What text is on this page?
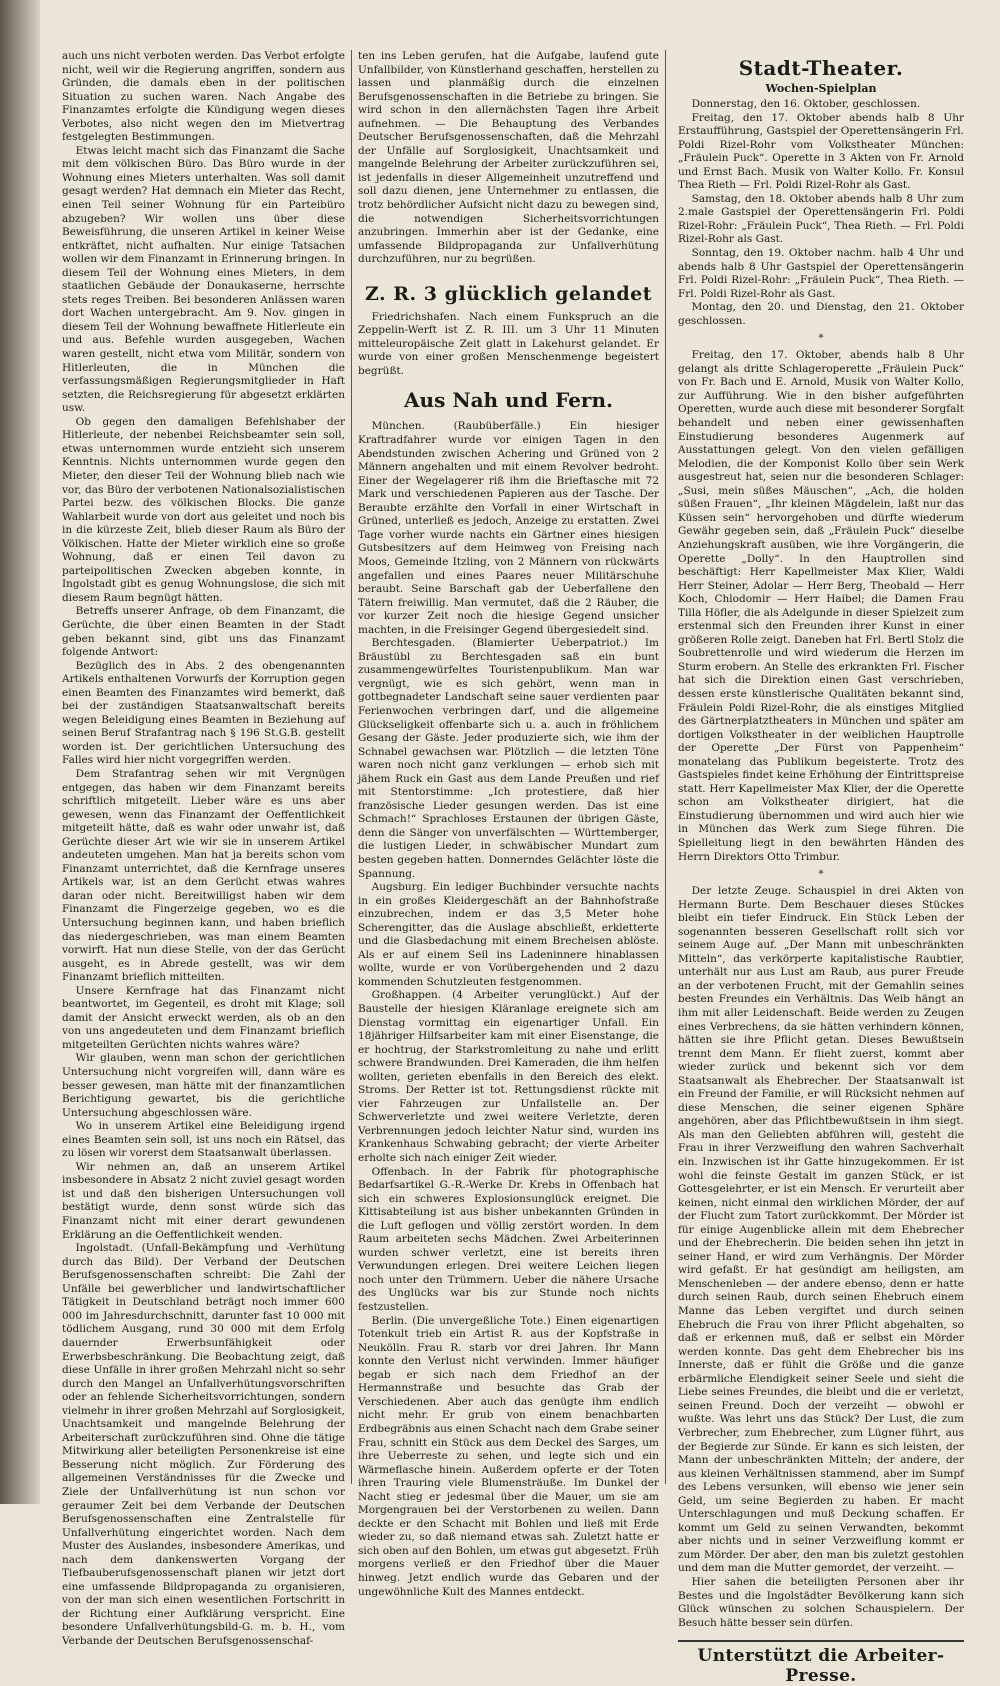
auch uns nicht verboten werden. Das Verbot erfolgte nicht, weil wir die Regierung angriffen, sondern aus Gründen, die damals eben in der politischen Situation zu suchen waren. Nach Angabe des Finanzamtes erfolgte die Kündigung wegen dieses Verbotes, also nicht wegen den im Mietvertrag festgelegten Bestimmungen.

Etwas leicht macht sich das Finanzamt die Sache mit dem völkischen Büro. Das Büro wurde in der Wohnung eines Mieters unterhalten. Was soll damit gesagt werden? Hat demnach ein Mieter das Recht, einen Teil seiner Wohnung für ein Parteibüro abzugeben? Wir wollen uns über diese Beweisführung, die unseren Artikel in keiner Weise entkräftet, nicht aufhalten. Nur einige Tatsachen wollen wir dem Finanzamt in Erinnerung bringen. In diesem Teil der Wohnung eines Mieters, in dem staatlichen Gebäude der Donaukaserne, herrschte stets reges Treiben. Bei besonderen Anlässen waren dort Wachen untergebracht. Am 9. Nov. gingen in diesem Teil der Wohnung bewaffnete Hitlerleute ein und aus. Befehle wurden ausgegeben, Wachen waren gestellt, nicht etwa vom Militär, sondern von Hitlerleuten, die in München die verfassungsmäßigen Regierungsmitglieder in Haft setzten, die Reichsregierung für abgesetzt erklärten usw.

Ob gegen den damaligen Befehlshaber der Hitlerleute, der nebenbei Reichsbeamter sein soll, etwas unternommen wurde entzieht sich unserem Kenntnis. Nichts unternommen wurde gegen den Mieter, den dieser Teil der Wohnung blieb nach wie vor, das Büro der verbotenen Nationalsozialistischen Partei bezw. des völkischen Blocks. Die ganze Wahlarbeit wurde von dort aus geleitet und noch bis in die kürzeste Zeit, blieb dieser Raum als Büro der Völkischen. Hatte der Mieter wirklich eine so große Wohnung, daß er einen Teil davon zu parteipolitischen Zwecken abgeben konnte, in Ingolstadt gibt es genug Wohnungslose, die sich mit diesem Raum begnügt hätten.

Betreffs unserer Anfrage, ob dem Finanzamt, die Gerüchte, die über einen Beamten in der Stadt geben bekannt sind, gibt uns das Finanzamt folgende Antwort:

Bezüglich des in Abs. 2 des obengenannten Artikels enthaltenen Vorwurfs der Korruption gegen einen Beamten des Finanzamtes wird bemerkt, daß bei der zuständigen Staatsanwaltschaft bereits wegen Beleidigung eines Beamten in Beziehung auf seinen Beruf Strafantrag nach § 196 St.G.B. gestellt worden ist. Der gerichtlichen Untersuchung des Falles wird hier nicht vorgegriffen werden.

Dem Strafantrag sehen wir mit Vergnügen entgegen, das haben wir dem Finanzamt bereits schriftlich mitgeteilt. Lieber wäre es uns aber gewesen, wenn das Finanzamt der Oeffentlichkeit mitgeteilt hätte, daß es wahr oder unwahr ist, daß Gerüchte dieser Art wie wir sie in unserem Artikel andeuteten umgehen. Man hat ja bereits schon vom Finanzamt unterrichtet, daß die Kernfrage unseres Artikels war, ist an dem Gerücht etwas wahres daran oder nicht. Bereitwilligst haben wir dem Finanzamt die Fingerzeige gegeben, wo es die Untersuchung beginnen kann, und haben brieflich das niedergeschrieben, was man einem Beamten vorwirft. Hat nun diese Stelle, von der das Gerücht ausgeht, es in Abrede gestellt, was wir dem Finanzamt brieflich mitteilten.

Unsere Kernfrage hat das Finanzamt nicht beantwortet, im Gegenteil, es droht mit Klage; soll damit der Ansicht erweckt werden, als ob an den von uns angedeuteten und dem Finanzamt brieflich mitgeteilten Gerüchten nichts wahres wäre?

Wir glauben, wenn man schon der gerichtlichen Untersuchung nicht vorgreifen will, dann wäre es besser gewesen, man hätte mit der finanzamtlichen Berichtigung gewartet, bis die gerichtliche Untersuchung abgeschlossen wäre.

Wo in unserem Artikel eine Beleidigung irgend eines Beamten sein soll, ist uns noch ein Rätsel, das zu lösen wir vorerst dem Staatsanwalt überlassen.

Wir nehmen an, daß an unserem Artikel insbesondere in Absatz 2 nicht zuviel gesagt worden ist und daß den bisherigen Untersuchungen voll bestätigt wurde, denn sonst würde sich das Finanzamt nicht mit einer derart gewundenen Erklärung an die Oeffentlichkeit wenden.

Ingolstadt. (Unfall-Bekämpfung und -Verhütung durch das Bild). Der Verband der Deutschen Berufsgenossenschaften schreibt: Die Zahl der Unfälle bei gewerblicher und landwirtschaftlicher Tätigkeit in Deutschland beträgt noch immer 600 000 im Jahresdurchschnitt, darunter fast 10 000 mit tödlichem Ausgang, rund 30 000 mit dem Erfolg dauernder Erwerbsunfähigkeit oder Erwerbsbeschränkung. Die Beobachtung zeigt, daß diese Unfälle in ihrer großen Mehrzahl nicht so sehr durch den Mangel an Unfallverhütungsvorschriften oder an fehlende Sicherheitsvorrichtungen, sondern vielmehr in ihrer großen Mehrzahl auf Sorglosigkeit, Unachtsamkeit und mangelnde Belehrung der Arbeiterschaft zurückzuführen sind. Ohne die tätige Mitwirkung aller beteiligten Personenkreise ist eine Besserung nicht möglich. Zur Förderung des allgemeinen Verständnisses für die Zwecke und Ziele der Unfallverhütung ist nun schon vor geraumer Zeit bei dem Verbande der Deutschen Berufsgenossenschaften eine Zentralstelle für Unfallverhütung eingerichtet worden. Nach dem Muster des Auslandes, insbesondere Amerikas, und nach dem dankenswerten Vorgang der Tiefbauberufsgenossenschaft planen wir jetzt dort eine umfassende Bildpropaganda zu organisieren, von der man sich einen wesentlichen Fortschritt in der Richtung einer Aufklärung verspricht. Eine besondere Unfallverhütungsbild-G. m. b. H., vom Verbande der Deutschen Berufsgenossenschaf-

ten ins Leben gerufen, hat die Aufgabe, laufend gute Unfallbilder, von Künstlerhand geschaffen, herstellen zu lassen und planmäßig durch die einzelnen Berufsgenossenschaften in die Betriebe zu bringen. Sie wird schon in den allernächsten Tagen ihre Arbeit aufnehmen. — Die Behauptung des Verbandes Deutscher Berufsgenossenschaften, daß die Mehrzahl der Unfälle auf Sorglosigkeit, Unachtsamkeit und mangelnde Belehrung der Arbeiter zurückzuführen sei, ist jedenfalls in dieser Allgemeinheit unzutreffend und soll dazu dienen, jene Unternehmer zu entlassen, die trotz behördlicher Aufsicht nicht dazu zu bewegen sind, die notwendigen Sicherheitsvorrichtungen anzubringen. Immerhin aber ist der Gedanke, eine umfassende Bildpropaganda zur Unfallverhütung durchzuführen, nur zu begrüßen.

Z. R. 3 glücklich gelandet

Friedrichshafen. Nach einem Funkspruch an die Zeppelin-Werft ist Z. R. III. um 3 Uhr 11 Minuten mitteleuropäische Zeit glatt in Lakehurst gelandet. Er wurde von einer großen Menschenmenge begeistert begrüßt.

Aus Nah und Fern.

München. (Raubüberfälle.) Ein hiesiger Kraftradfahrer wurde vor einigen Tagen in den Abendstunden zwischen Achering und Grüned von 2 Männern angehalten und mit einem Revolver bedroht. Einer der Wegelagerer riß ihm die Brieftasche mit 72 Mark und verschiedenen Papieren aus der Tasche. Der Beraubte erzählte den Vorfall in einer Wirtschaft in Grüned, unterließ es jedoch, Anzeige zu erstatten. Zwei Tage vorher wurde nachts ein Gärtner eines hiesigen Gutsbesitzers auf dem Heimweg von Freising nach Moos, Gemeinde Itzling, von 2 Männern von rückwärts angefallen und eines Paares neuer Militärschuhe beraubt. Seine Barschaft gab der Ueberfallene den Tätern freiwillig. Man vermutet, daß die 2 Räuber, die vor kurzer Zeit noch die hiesige Gegend unsicher machten, in die Freisinger Gegend übergesiedelt sind.

Berchtesgaden. (Blamierter Ueberpatriot.) Im Bräustübl zu Berchtesgaden saß ein bunt zusammengewürfeltes Touristenpublikum. Man war vergnügt, wie es sich gehört, wenn man in gottbegnadeter Landschaft seine sauer verdienten paar Ferienwochen verbringen darf, und die allgemeine Glückseligkeit offenbarte sich u. a. auch in fröhlichem Gesang der Gäste. Jeder produzierte sich, wie ihm der Schnabel gewachsen war. Plötzlich — die letzten Töne waren noch nicht ganz verklungen — erhob sich mit jähem Ruck ein Gast aus dem Lande Preußen und rief mit Stentorstimme: „Ich protestiere, daß hier französische Lieder gesungen werden. Das ist eine Schmach!“ Sprachloses Erstaunen der übrigen Gäste, denn die Sänger von unverfälschten — Württemberger, die lustigen Lieder, in schwäbischer Mundart zum besten gegeben hatten. Donnerndes Gelächter löste die Spannung.

Augsburg. Ein lediger Buchbinder versuchte nachts in ein großes Kleidergeschäft an der Bahnhofstraße einzubrechen, indem er das 3,5 Meter hohe Scherengitter, das die Auslage abschließt, erkletterte und die Glasbedachung mit einem Brecheisen ablöste. Als er auf einem Seil ins Ladeninnere hinablassen wollte, wurde er von Vorübergehenden und 2 dazu kommenden Schutzleuten festgenommen.

Großhappen. (4 Arbeiter verunglückt.) Auf der Baustelle der hiesigen Kläranlage ereignete sich am Dienstag vormittag ein eigenartiger Unfall. Ein 18jähriger Hilfsarbeiter kam mit einer Eisenstange, die er hochtrug, der Starkstromleitung zu nahe und erlitt schwere Brandwunden. Drei Kameraden, die ihm helfen wollten, gerieten ebenfalls in den Bereich des elekt. Stroms. Der Retter ist tot. Rettungsdienst rückte mit vier Fahrzeugen zur Unfallstelle an. Der Schwerverletzte und zwei weitere Verletzte, deren Verbrennungen jedoch leichter Natur sind, wurden ins Krankenhaus Schwabing gebracht; der vierte Arbeiter erholte sich nach einiger Zeit wieder.

Offenbach. In der Fabrik für photographische Bedarfsartikel G.-R.-Werke Dr. Krebs in Offenbach hat sich ein schweres Explosionsunglück ereignet. Die Kittisabteilung ist aus bisher unbekannten Gründen in die Luft geflogen und völlig zerstört worden. In dem Raum arbeiteten sechs Mädchen. Zwei Arbeiterinnen wurden schwer verletzt, eine ist bereits ihren Verwundungen erlegen. Drei weitere Leichen liegen noch unter den Trümmern. Ueber die nähere Ursache des Unglücks war bis zur Stunde noch nichts festzustellen.

Berlin. (Die unvergeßliche Tote.) Einen eigenartigen Totenkult trieb ein Artist R. aus der Kopfstraße in Neukölln. Frau R. starb vor drei Jahren. Ihr Mann konnte den Verlust nicht verwinden. Immer häufiger begab er sich nach dem Friedhof an der Hermannstraße und besuchte das Grab der Verschiedenen. Aber auch das genügte ihm endlich nicht mehr. Er grub von einem benachbarten Erdbegräbnis aus einen Schacht nach dem Grabe seiner Frau, schnitt ein Stück aus dem Deckel des Sarges, um ihre Ueberreste zu sehen, und legte sich und ein Wärmeflasche hinein. Außerdem opferte er der Toten ihren Trauring viele Blumensträuße. Im Dunkel der Nacht stieg er jedesmal über die Mauer, um sie am Morgengrauen bei der Verstorbenen zu weilen. Dann deckte er den Schacht mit Bohlen und ließ mit Erde wieder zu, so daß niemand etwas sah. Zuletzt hatte er sich oben auf den Bohlen, um etwas gut abgesetzt. Früh morgens verließ er den Friedhof über die Mauer hinweg. Jetzt endlich wurde das Gebaren und der ungewöhnliche Kult des Mannes entdeckt.

Stadt-Theater.
Wochen-Spielplan

Donnerstag, den 16. Oktober, geschlossen.

Freitag, den 17. Oktober abends halb 8 Uhr Erstaufführung, Gastspiel der Operettensängerin Frl. Poldi Rizel-Rohr vom Volkstheater München: „Fräulein Puck“. Operette in 3 Akten von Fr. Arnold und Ernst Bach. Musik von Walter Kollo. Fr. Konsul Thea Rieth — Frl. Poldi Rizel-Rohr als Gast.

Samstag, den 18. Oktober abends halb 8 Uhr zum 2.male Gastspiel der Operettensängerin Frl. Poldi Rizel-Rohr: „Fräulein Puck“, Thea Rieth. — Frl. Poldi Rizel-Rohr als Gast.

Sonntag, den 19. Oktober nachm. halb 4 Uhr und abends halb 8 Uhr Gastspiel der Operettensängerin Frl. Poldi Rizel-Rohr: „Fräulein Puck“, Thea Rieth. — Frl. Poldi Rizel-Rohr als Gast.

Montag, den 20. und Dienstag, den 21. Oktober geschlossen.

*

Freitag, den 17. Oktober, abends halb 8 Uhr gelangt als dritte Schlageroperette „Fräulein Puck“ von Fr. Bach und E. Arnold, Musik von Walter Kollo, zur Aufführung. Wie in den bisher aufgeführten Operetten, wurde auch diese mit besonderer Sorgfalt behandelt und neben einer gewissenhaften Einstudierung besonderes Augenmerk auf Ausstattungen gelegt. Von den vielen gefälligen Melodien, die der Komponist Kollo über sein Werk ausgestreut hat, seien nur die besonderen Schlager: „Susi, mein süßes Mäuschen“, „Ach, die holden süßen Frauen“, „Ihr kleinen Mägdelein, laßt nur das Küssen sein“ hervorgehoben und dürfte wiederum Gewähr gegeben sein, daß „Fräulein Puck“ dieselbe Anziehungskraft ausüben, wie ihre Vorgängerin, die Operette „Dolly“. In den Hauptrollen sind beschäftigt: Herr Kapellmeister Max Klier, Waldi Herr Steiner, Adolar — Herr Berg, Theobald — Herr Koch, Chlodomir — Herr Haibel; die Damen Frau Tilla Höfler, die als Adelgunde in dieser Spielzeit zum erstenmal sich den Freunden ihrer Kunst in einer größeren Rolle zeigt. Daneben hat Frl. Bertl Stolz die Soubrettenrolle und wird wiederum die Herzen im Sturm erobern. An Stelle des erkrankten Frl. Fischer hat sich die Direktion einen Gast verschrieben, dessen erste künstlerische Qualitäten bekannt sind, Fräulein Poldi Rizel-Rohr, die als einstiges Mitglied des Gärtnerplatztheaters in München und später am dortigen Volkstheater in der weiblichen Hauptrolle der Operette „Der Fürst von Pappenheim“ monatelang das Publikum begeisterte. Trotz des Gastspieles findet keine Erhöhung der Eintrittspreise statt. Herr Kapellmeister Max Klier, der die Operette schon am Volkstheater dirigiert, hat die Einstudierung übernommen und wird auch hier wie in München das Werk zum Siege führen. Die Spielleitung liegt in den bewährten Händen des Herrn Direktors Otto Trimbur.

*

Der letzte Zeuge. Schauspiel in drei Akten von Hermann Burte. Dem Beschauer dieses Stückes bleibt ein tiefer Eindruck. Ein Stück Leben der sogenannten besseren Gesellschaft rollt sich vor seinem Auge auf. „Der Mann mit unbeschränkten Mitteln“, das verkörperte kapitalistische Raubtier, unterhält nur aus Lust am Raub, aus purer Freude an der verbotenen Frucht, mit der Gemahlin seines besten Freundes ein Verhältnis. Das Weib hängt an ihm mit aller Leidenschaft. Beide werden zu Zeugen eines Verbrechens, da sie hätten verhindern können, hätten sie ihre Pflicht getan. Dieses Bewußtsein trennt dem Mann. Er flieht zuerst, kommt aber wieder zurück und bekennt sich vor dem Staatsanwalt als Ehebrecher. Der Staatsanwalt ist ein Freund der Familie, er will Rücksicht nehmen auf diese Menschen, die seiner eigenen Sphäre angehören, aber das Pflichtbewußtsein in ihm siegt. Als man den Geliebten abführen will, gesteht die Frau in ihrer Verzweiflung den wahren Sachverhalt ein. Inzwischen ist ihr Gatte hinzugekommen. Er ist wohl die feinste Gestalt im ganzen Stück, er ist Gottesgelehrter, er ist ein Mensch. Er verurteilt aber keinen, nicht einmal den wirklichen Mörder, der auf der Flucht zum Tatort zurückkommt. Der Mörder ist für einige Augenblicke allein mit dem Ehebrecher und der Ehebrecherin. Die beiden sehen ihn jetzt in seiner Hand, er wird zum Verhängnis. Der Mörder wird gefaßt. Er hat gesündigt am heiligsten, am Menschenleben — der andere ebenso, denn er hatte durch seinen Raub, durch seinen Ehebruch einem Manne das Leben vergiftet und durch seinen Ehebruch die Frau von ihrer Pflicht abgehalten, so daß er erkennen muß, daß er selbst ein Mörder werden konnte. Das geht dem Ehebrecher bis ins Innerste, daß er fühlt die Größe und die ganze erbärmliche Elendigkeit seiner Seele und sieht die Liebe seines Freundes, die bleibt und die er verletzt, seinen Freund. Doch der verzeiht — obwohl er wußte. Was lehrt uns das Stück? Der Lust, die zum Verbrecher, zum Ehebrecher, zum Lügner führt, aus der Begierde zur Sünde. Er kann es sich leisten, der Mann der unbeschränkten Mitteln; der andere, der aus kleinen Verhältnissen stammend, aber im Sumpf des Lebens versunken, will ebenso wie jener sein Geld, um seine Begierden zu haben. Er macht Unterschlagungen und muß Deckung schaffen. Er kommt um Geld zu seinen Verwandten, bekommt aber nichts und in seiner Verzweiflung kommt er zum Mörder. Der aber, den man bis zuletzt gestohlen und dem man die Mutter gemordet, der verzeiht. —

Hier sahen die beteiligten Personen aber ihr Bestes und die Ingolstädter Bevölkerung kann sich Glück wünschen zu solchen Schauspielern. Der Besuch hätte besser sein dürfen.

Unterstützt die Arbeiter-Presse.
